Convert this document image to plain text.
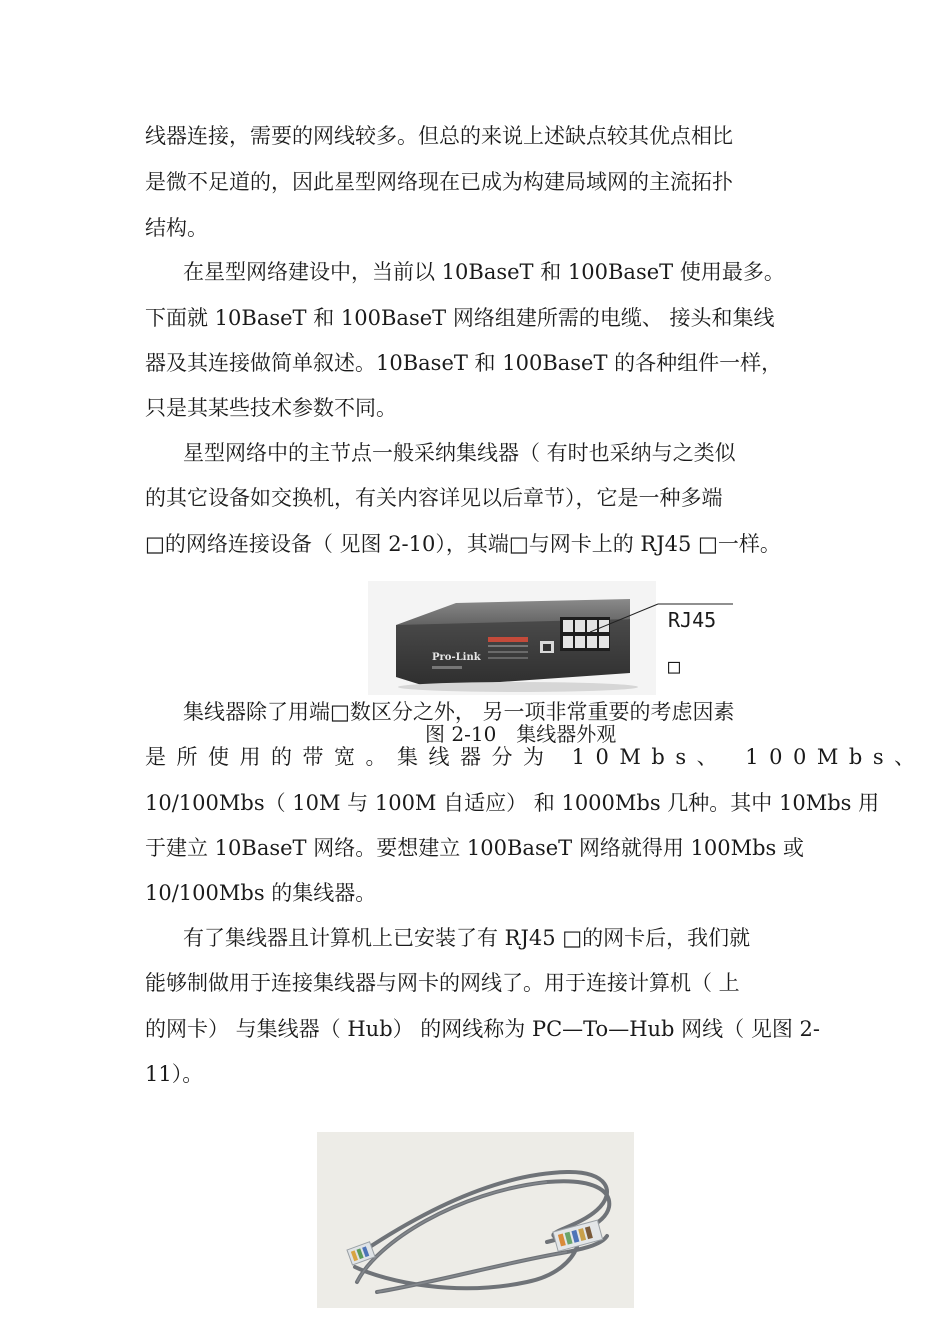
线器连接，需要的网线较多。但总的来说上述缺点较其优点相比
是微不足道的，因此星型网络现在已成为构建局域网的主流拓扑
结构。
在星型网络建设中，当前以 10BaseT 和 100BaseT 使用最多。
下面就 10BaseT 和 100BaseT 网络组建所需的电缆、 接头和集线
器及其连接做简单叙述。10BaseT 和 100BaseT 的各种组件一样，
只是其某些技术参数不同。
星型网络中的主节点一般采纳集线器（ 有时也采纳与之类似
的其它设备如交换机，有关内容详见以后章节），它是一种多端
□的网络连接设备（ 见图 2-10），其端□与网卡上的 RJ45 □一样。
Pro-Link
RJ45
□
集线器除了用端□数区分之外， 另一项非常重要的考虑因素
图 2-10　集线器外观
是所使用的带宽。集线器分为 10Mbs、 100Mbs、
10/100Mbs（ 10M 与 100M 自适应） 和 1000Mbs 几种。其中 10Mbs 用
于建立 10BaseT 网络。要想建立 100BaseT 网络就得用 100Mbs 或
10/100Mbs 的集线器。
有了集线器且计算机上已安装了有 RJ45 □的网卡后，我们就
能够制做用于连接集线器与网卡的网线了。用于连接计算机（ 上
的网卡） 与集线器（ Hub） 的网线称为 PC—To—Hub 网线（ 见图 2-
11）。
